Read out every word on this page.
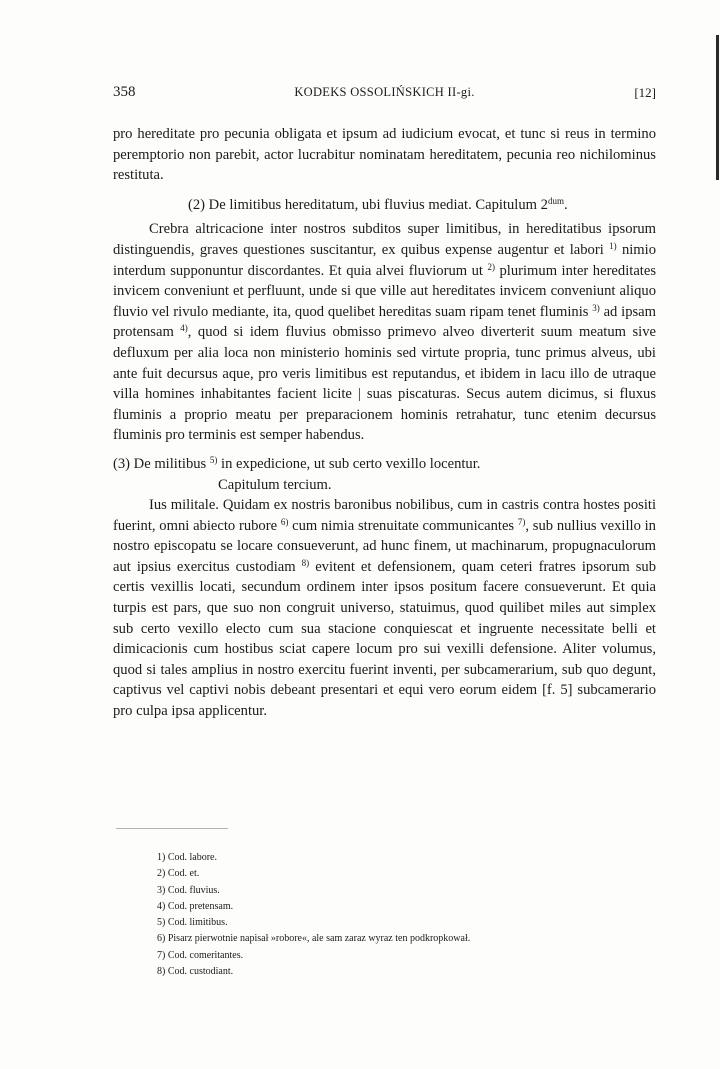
358	KODEKS OSSOLIŃSKICH II-gi.	[12]

pro hereditate pro pecunia obligata et ipsum ad iudicium evocat, et tunc si reus in termino peremptorio non parebit, actor lucrabitur nominatam hereditatem, pecunia reo nichilominus restituta.

(2) De limitibus hereditatum, ubi fluvius mediat. Capitulum $2^{dum}$.

Crebra altricacione inter nostros subditos super limitibus, in hereditatibus ipsorum distinguendis, graves questiones suscitantur, ex quibus expense augentur et labori $^{1)}$ nimio interdum supponuntur discordantes. Et quia alvei fluviorum ut $^{2)}$ plurimum inter hereditates invicem conveniunt et perfluunt, unde si que ville aut hereditates invicem conveniunt aliquo fluvio vel rivulo mediante, ita, quod quelibet hereditas suam ripam tenet fluminis $^{3)}$ ad ipsam protensam $^{4)}$, quod si idem fluvius obmisso primevo alveo diverterit suum meatum sive defluxum per alia loca non ministerio hominis sed virtute propria, tunc primus alveus, ubi ante fuit decursus aque, pro veris limitibus est reputandus, et ibidem in lacu illo de utraque villa homines inhabitantes facient licite | suas piscaturas. Secus autem dicimus, si fluxus fluminis a proprio meatu per preparacionem hominis retrahatur, tunc etenim decursus fluminis pro terminis est semper habendus.

(3) De militibus $^{5)}$ in expedicione, ut sub certo vexillo locentur.
Capitulum tercium.

Ius militale. Quidam ex nostris baronibus nobilibus, cum in castris contra hostes positi fuerint, omni abiecto rubore $^{6)}$ cum nimia strenuitate communicantes $^{7)}$, sub nullius vexillo in nostro episcopatu se locare consueverunt, ad hunc finem, ut machinarum, propugnaculorum aut ipsius exercitus custodiam $^{8)}$ evitent et defensionem, quam ceteri fratres ipsorum sub certis vexillis locati, secundum ordinem inter ipsos positum facere consueverunt. Et quia turpis est pars, que suo non congruit universo, statuimus, quod quilibet miles aut simplex sub certo vexillo electo cum sua stacione conquiescat et ingruente necessitate belli et dimicacionis cum hostibus sciat capere locum pro sui vexilli defensione. Aliter volumus, quod si tales amplius in nostro exercitu fuerint inventi, per subcamerarium, sub quo degunt, captivus vel captivi nobis debeant presentari et equi vero eorum eidem [f. 5] subcamerario pro culpa ipsa applicentur.

1) Cod. labore.
2) Cod. et.
3) Cod. fluvius.
4) Cod. pretensam.
5) Cod. limitibus.
6) Pisarz pierwotnie napisał »robore«, ale sam zaraz wyraz ten podkropkował.
7) Cod. comeritantes.
8) Cod. custodiant.
